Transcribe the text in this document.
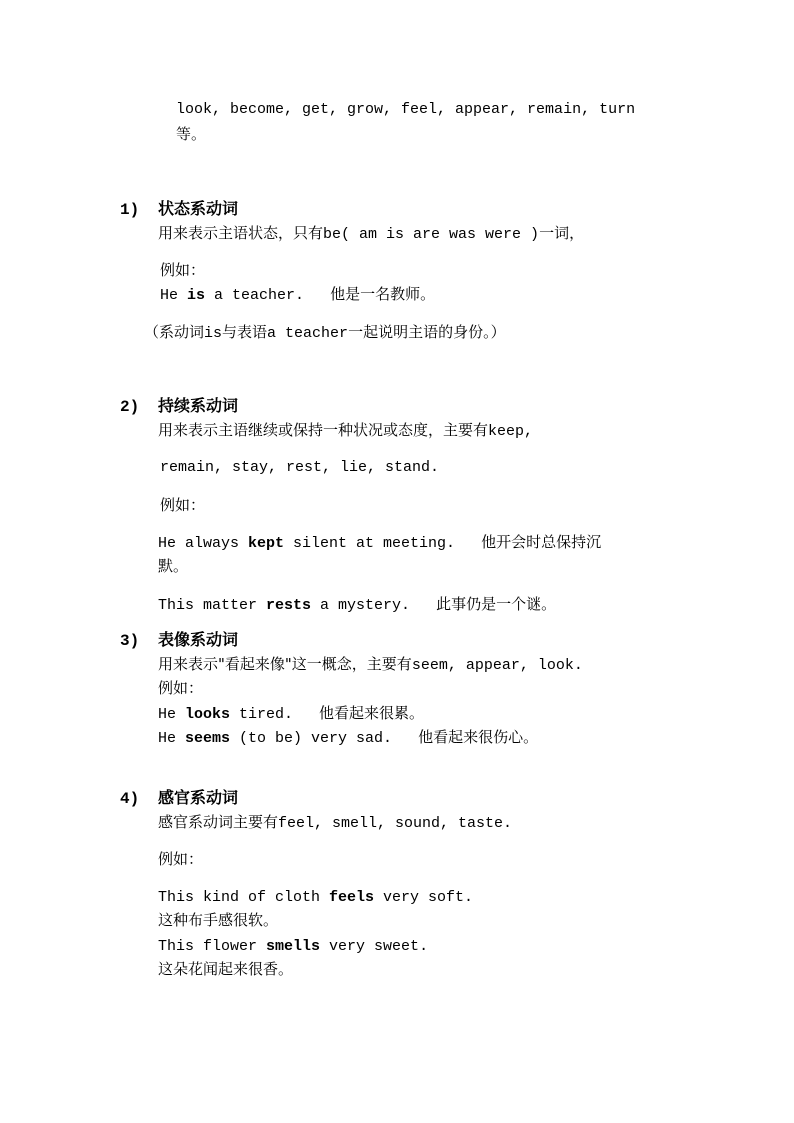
look, become, get, grow, feel, appear, remain, turn
等。
1) 状态系动词
用来表示主语状态，只有be( am is are was were )一词，
例如：
He is a teacher. 他是一名教师。
（系动词is与表语a teacher一起说明主语的身份。）
2) 持续系动词
用来表示主语继续或保持一种状况或态度，主要有keep,
remain, stay, rest, lie, stand.
例如：
He always kept silent at meeting. 他开会时总保持沉
默。
This matter rests a mystery. 此事仍是一个谜。
3) 表像系动词
用来表示"看起来像"这一概念，主要有seem, appear, look.
例如：
He looks tired. 他看起来很累。
He seems (to be) very sad. 他看起来很伤心。
4) 感官系动词
感官系动词主要有feel, smell, sound, taste.
例如：
This kind of cloth feels very soft.
这种布手感很软。
This flower smells very sweet.
这朵花闻起来很香。
